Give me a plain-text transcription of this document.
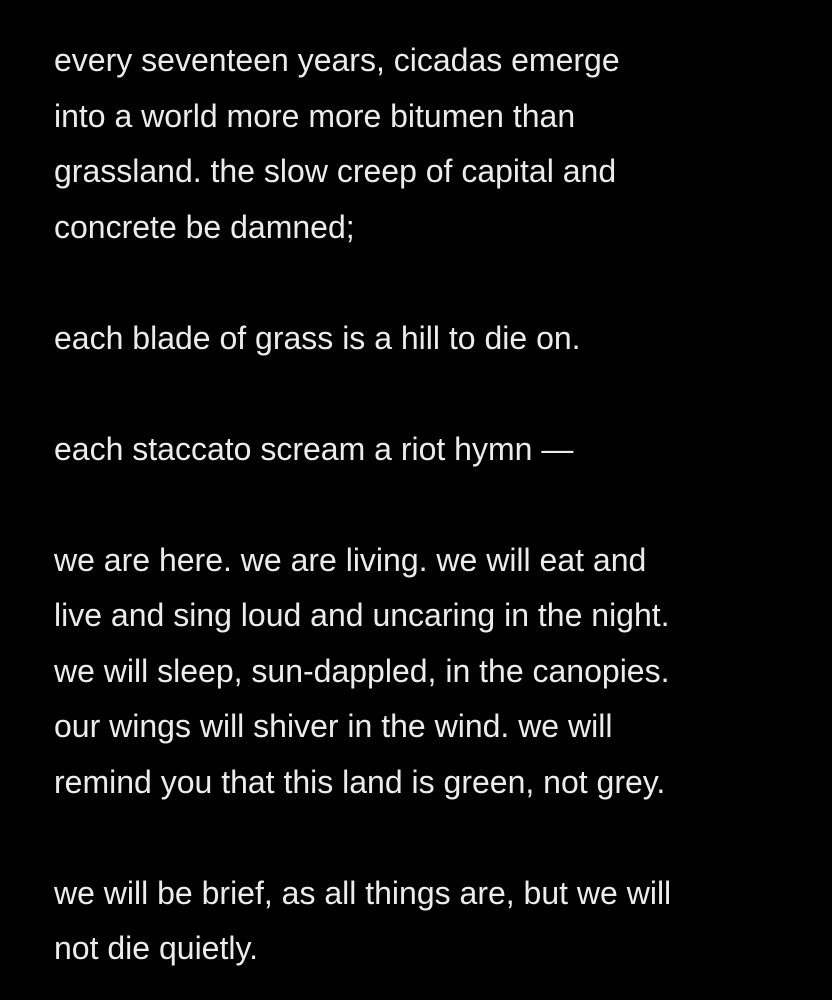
every seventeen years, cicadas emerge
into a world more more bitumen than
grassland. the slow creep of capital and
concrete be damned;

each blade of grass is a hill to die on.

each staccato scream a riot hymn —

we are here. we are living. we will eat and
live and sing loud and uncaring in the night.
we will sleep, sun-dappled, in the canopies.
our wings will shiver in the wind. we will
remind you that this land is green, not grey.

we will be brief, as all things are, but we will
not die quietly.
